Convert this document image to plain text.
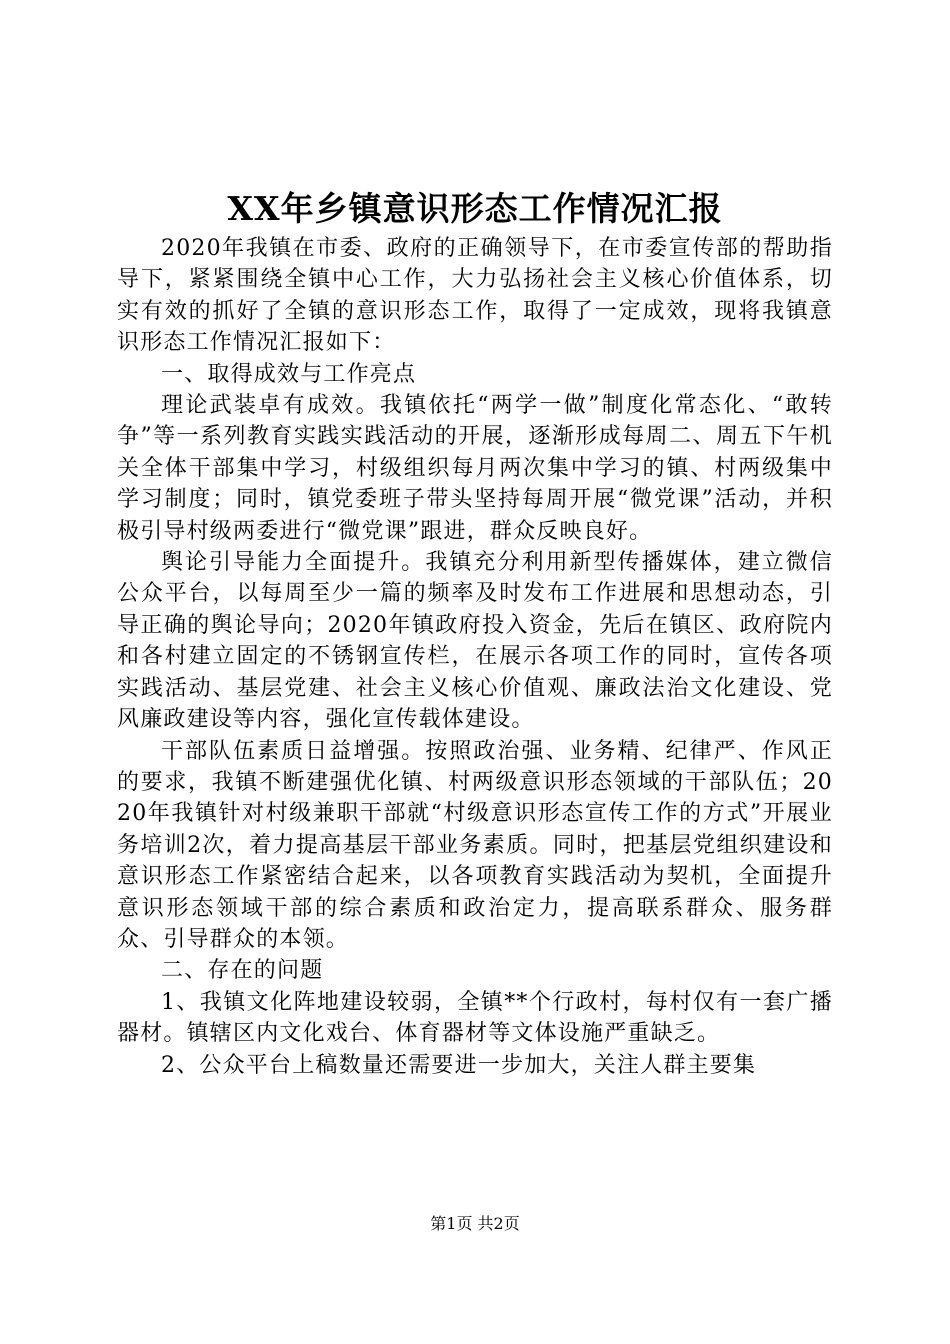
XX年乡镇意识形态工作情况汇报

2020年我镇在市委、政府的正确领导下，在市委宣传部的帮助指导下，紧紧围绕全镇中心工作，大力弘扬社会主义核心价值体系，切实有效的抓好了全镇的意识形态工作，取得了一定成效，现将我镇意识形态工作情况汇报如下：

一、取得成效与工作亮点

理论武装卓有成效。我镇依托“两学一做”制度化常态化、“敢转争”等一系列教育实践实践活动的开展，逐渐形成每周二、周五下午机关全体干部集中学习，村级组织每月两次集中学习的镇、村两级集中学习制度；同时，镇党委班子带头坚持每周开展“微党课”活动，并积极引导村级两委进行“微党课”跟进，群众反映良好。

舆论引导能力全面提升。我镇充分利用新型传播媒体，建立微信公众平台，以每周至少一篇的频率及时发布工作进展和思想动态，引导正确的舆论导向；2020年镇政府投入资金，先后在镇区、政府院内和各村建立固定的不锈钢宣传栏，在展示各项工作的同时，宣传各项实践活动、基层党建、社会主义核心价值观、廉政法治文化建设、党风廉政建设等内容，强化宣传载体建设。

干部队伍素质日益增强。按照政治强、业务精、纪律严、作风正的要求，我镇不断建强优化镇、村两级意识形态领域的干部队伍；2020年我镇针对村级兼职干部就“村级意识形态宣传工作的方式”开展业务培训2次，着力提高基层干部业务素质。同时，把基层党组织建设和意识形态工作紧密结合起来，以各项教育实践活动为契机，全面提升意识形态领域干部的综合素质和政治定力，提高联系群众、服务群众、引导群众的本领。

二、存在的问题

1、我镇文化阵地建设较弱，全镇**个行政村，每村仅有一套广播器材。镇辖区内文化戏台、体育器材等文体设施严重缺乏。

2、公众平台上稿数量还需要进一步加大，关注人群主要集

第1页 共2页
